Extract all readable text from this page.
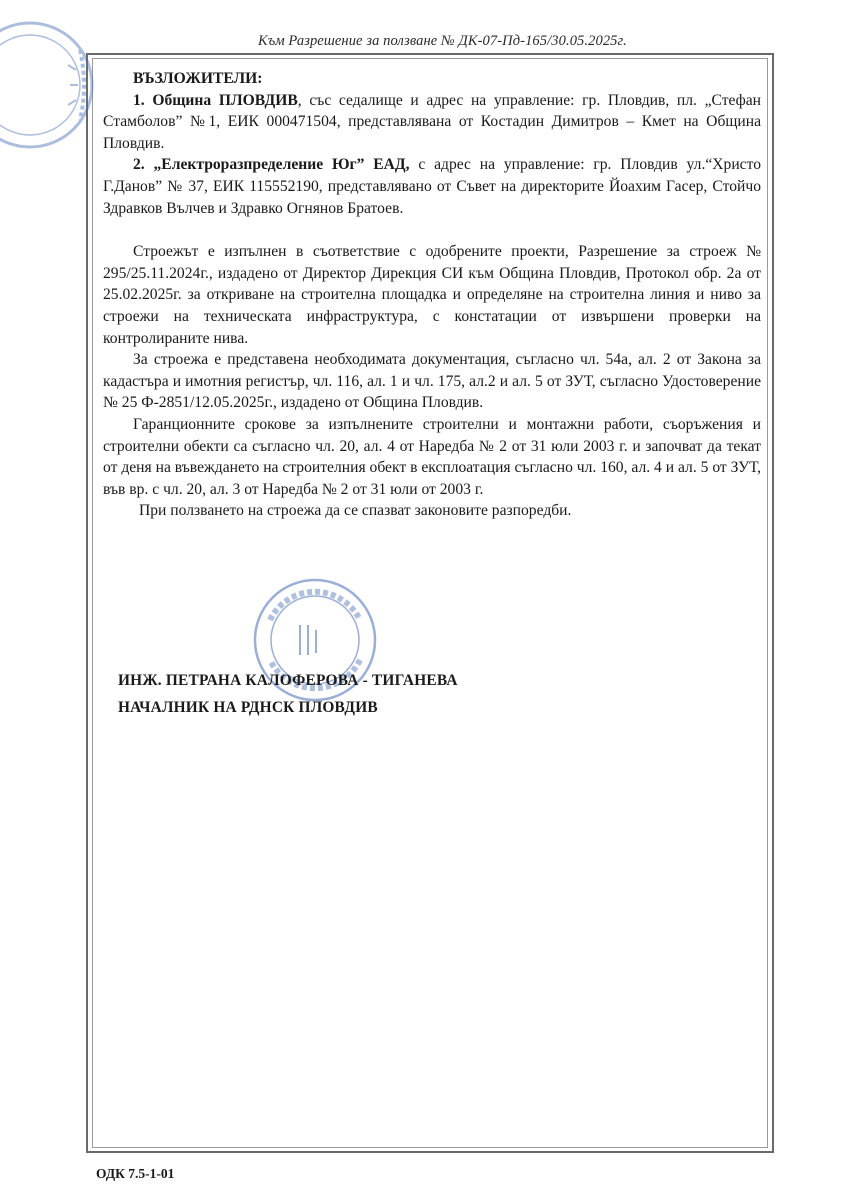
Към Разрешение за ползване № ДК-07-Пд-165/30.05.2025г.

ВЪЗЛОЖИТЕЛИ:

1. Община ПЛОВДИВ, със седалище и адрес на управление: гр. Пловдив, пл. „Стефан Стамболов” №1, ЕИК 000471504, представлявана от Костадин Димитров – Кмет на Община Пловдив.

2. „Електроразпределение Юг” ЕАД, с адрес на управление: гр. Пловдив ул.“Христо Г.Данов” № 37, ЕИК 115552190, представлявано от Съвет на директорите Йоахим Гасер, Стойчо Здравков Вълчев и Здравко Огнянов Братоев.

Строежът е изпълнен в съответствие с одобрените проекти, Разрешение за строеж № 295/25.11.2024г., издадено от Директор Дирекция СИ към Община Пловдив, Протокол обр. 2а от 25.02.2025г. за откриване на строителна площадка и определяне на строителна линия и ниво за строежи на техническата инфраструктура, с констатации от извършени проверки на контролираните нива.

За строежа е представена необходимата документация, съгласно чл. 54а, ал. 2 от Закона за кадастъра и имотния регистър, чл. 116, ал. 1 и чл. 175, ал.2 и ал. 5 от ЗУТ, съгласно Удостоверение № 25 Ф-2851/12.05.2025г., издадено от Община Пловдив.

Гаранционните срокове за изпълнените строителни и монтажни работи, съоръжения и строителни обекти са съгласно чл. 20, ал. 4 от Наредба № 2 от 31 юли 2003 г. и започват да текат от деня на въвеждането на строителния обект в експлоатация съгласно чл. 160, ал. 4 и ал. 5 от ЗУТ, във вр. с чл. 20, ал. 3 от Наредба № 2 от 31 юли от 2003 г.

При ползването на строежа да се спазват законовите разпоредби.

ИНЖ. ПЕТРАНА КАЛОФЕРОВА - ТИГАНЕВА
НАЧАЛНИК НА РДНСК ПЛОВДИВ
ОДК 7.5-1-01
